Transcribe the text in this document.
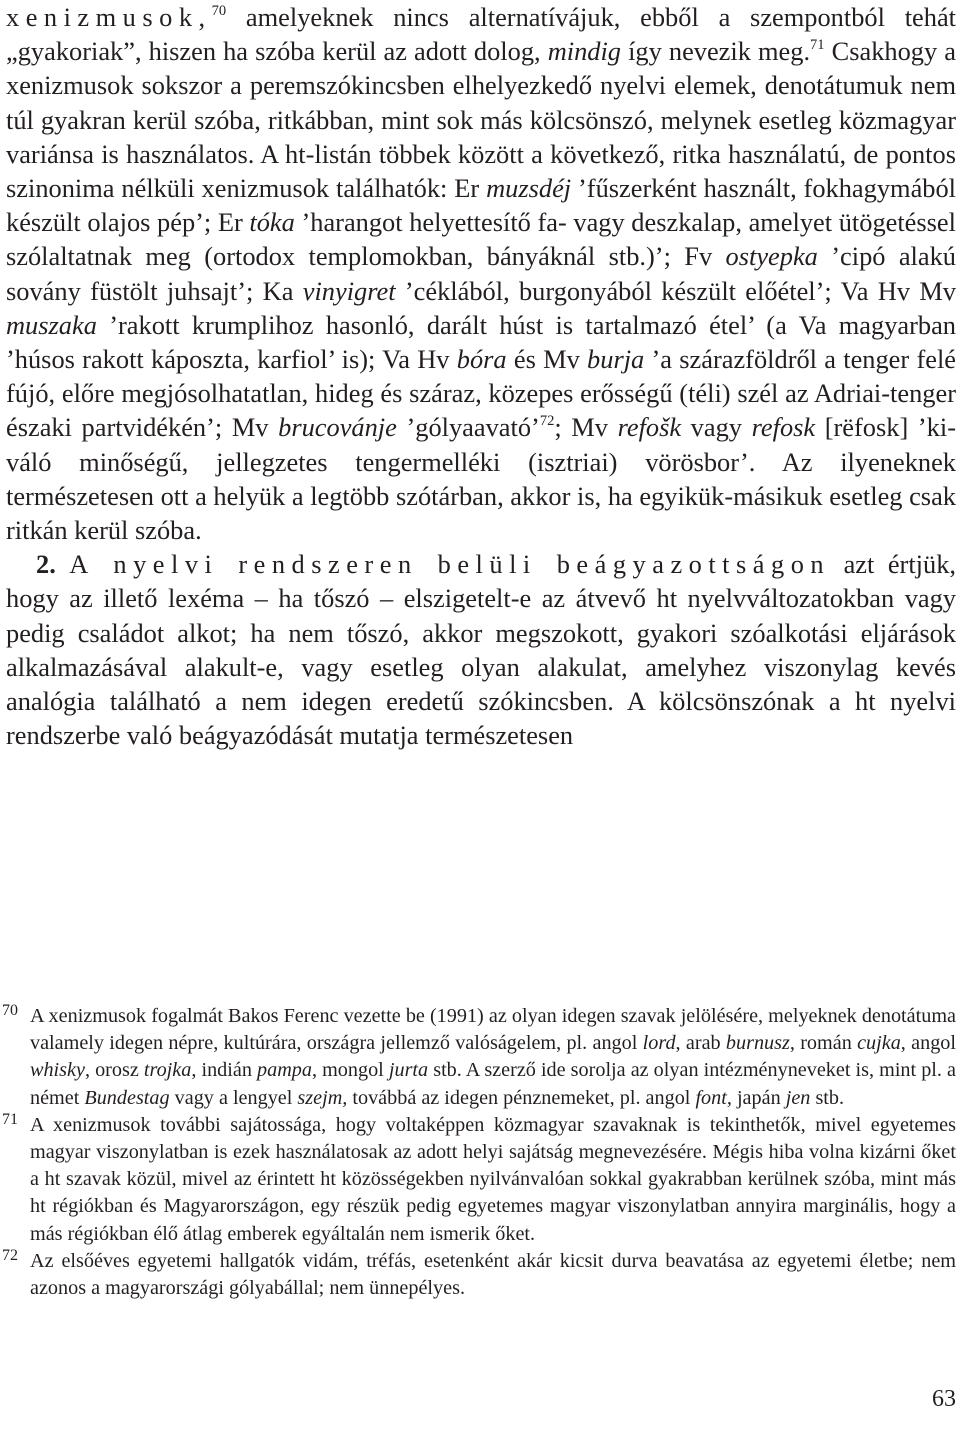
xenizmusok,$^{70}$ amelyeknek nincs alternatívájuk, ebből a szempontból tehát „gyakoriak”, hiszen ha szóba kerül az adott dolog, mindig így nevezik meg.$^{71}$ Csakhogy a xenizmusok sokszor a peremszókincsben elhelyezkedő nyelvi elemek, denotátumuk nem túl gyakran kerül szóba, ritkábban, mint sok más kölcsönszó, melynek esetleg közmagyar variánsa is használatos. A ht-listán többek között a következő, ritka használatú, de pontos szinonima nélküli xenizmusok találhatók: Er muzsdéj ’fűszerként használt, fokhagymából készült olajos pép’; Er tóka ’harangot helyettesítő fa- vagy deszkalap, amelyet ütögetéssel szólaltatnak meg (ortodox templomokban, bányáknál stb.)’; Fv ostyepka ’cipó alakú sovány füstölt juhsajt’; Ka vinyigret ’céklából, burgonyából készült előétel’; Va Hv Mv muszaka ’rakott krumplihoz hasonló, darált húst is tartalmazó étel’ (a Va magyarban ’húsos rakott káposzta, karfiol’ is); Va Hv bóra és Mv burja ’a szárazföldről a tenger felé fújó, előre megjósolhatatlan, hideg és száraz, közepes erősségű (téli) szél az Adriai-tenger északi partvidékén’; Mv brucovánje ’gólyaavató’$^{72}$; Mv refošk vagy refosk [rëfosk] ’kiváló minőségű, jellegzetes tengermelléki (isztriai) vörösbor’. Az ilyeneknek természetesen ott a helyük a legtöbb szótárban, akkor is, ha egyikük-másikuk esetleg csak ritkán kerül szóba.

2. A nyelvi rendszeren belüli beágyazottságon azt értjük, hogy az illető lexéma – ha tőszó – elszigetelt-e az átvevő ht nyelvváltozatokban vagy pedig családot alkot; ha nem tőszó, akkor megszokott, gyakori szóalkotási eljárások alkalmazásával alakult-e, vagy esetleg olyan alakulat, amelyhez viszonylag kevés analógia található a nem idegen eredetű szókincsben. A kölcsönszónak a ht nyelvi rendszerbe való beágyazódását mutatja természetesen

70 A xenizmusok fogalmát Bakos Ferenc vezette be (1991) az olyan idegen szavak jelölésére, melyeknek denotátuma valamely idegen népre, kultúrára, országra jellemző valóságelem, pl. angol lord, arab burnusz, román cujka, angol whisky, orosz trojka, indián pampa, mongol jurta stb. A szerző ide sorolja az olyan intézményneveket is, mint pl. a német Bundestag vagy a lengyel szejm, továbbá az idegen pénznemeket, pl. angol font, japán jen stb.

71 A xenizmusok további sajátossága, hogy voltaképpen közmagyar szavaknak is tekinthetők, mivel egyetemes magyar viszonylatban is ezek használatosak az adott helyi sajátság megnevezésére. Mégis hiba volna kizárni őket a ht szavak közül, mivel az érintett ht közösségekben nyilvánvalóan sokkal gyakrabban kerülnek szóba, mint más ht régiókban és Magyarországon, egy részük pedig egyetemes magyar viszonylatban annyira marginális, hogy a más régiókban élő átlag emberek egyáltalán nem ismerik őket.

72 Az elsőéves egyetemi hallgatók vidám, tréfás, esetenként akár kicsit durva beavatása az egyetemi életbe; nem azonos a magyarországi gólyabállal; nem ünnepélyes.

63
